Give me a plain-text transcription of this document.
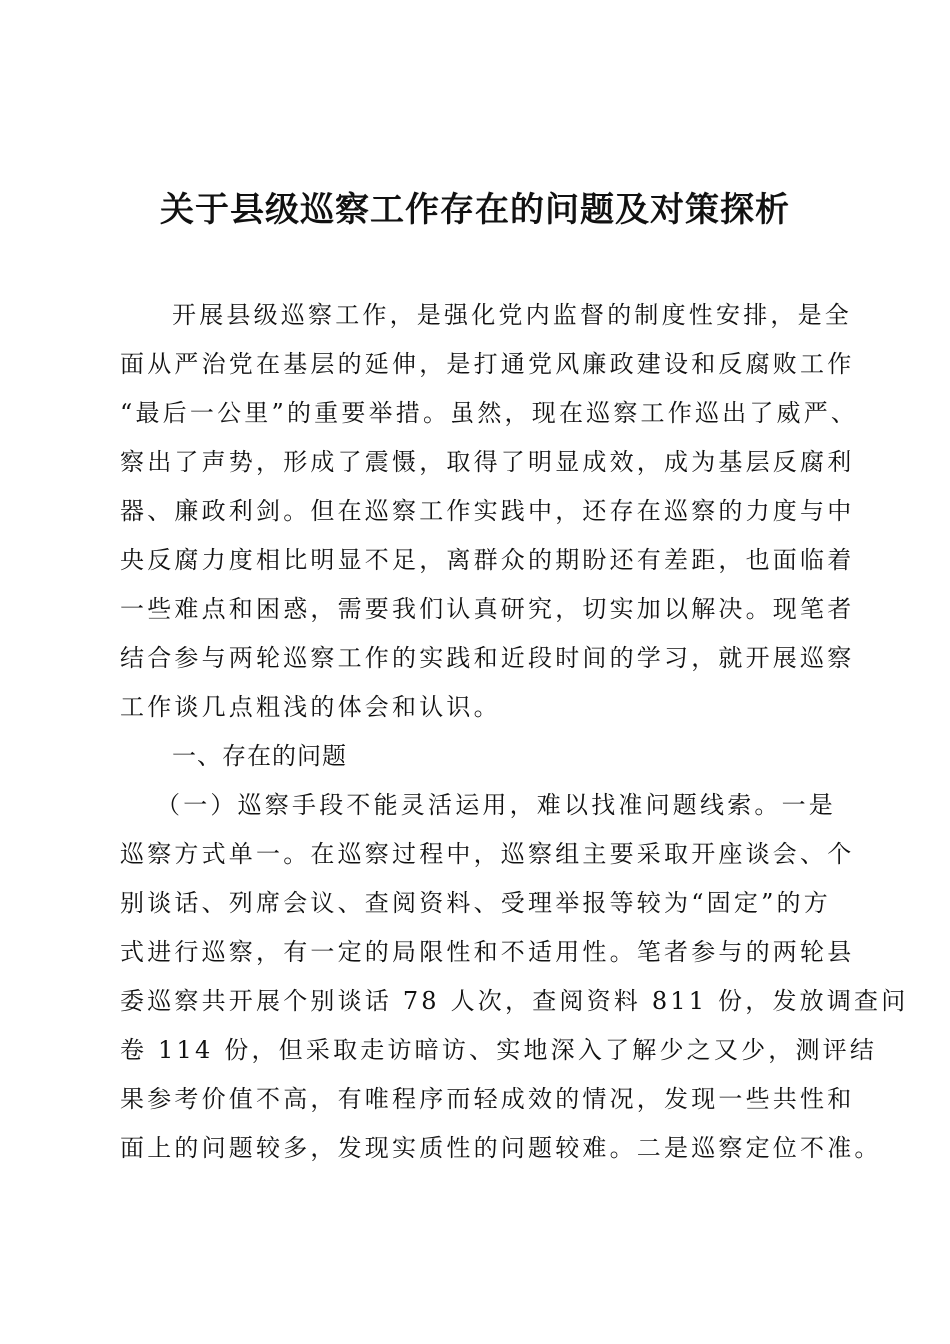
关于县级巡察工作存在的问题及对策探析

开展县级巡察工作，是强化党内监督的制度性安排，是全

面从严治党在基层的延伸，是打通党风廉政建设和反腐败工作

“最后一公里”的重要举措。虽然，现在巡察工作巡出了威严、

察出了声势，形成了震慑，取得了明显成效，成为基层反腐利

器、廉政利剑。但在巡察工作实践中，还存在巡察的力度与中

央反腐力度相比明显不足，离群众的期盼还有差距，也面临着

一些难点和困惑，需要我们认真研究，切实加以解决。现笔者

结合参与两轮巡察工作的实践和近段时间的学习，就开展巡察

工作谈几点粗浅的体会和认识。

一、存在的问题

（一）巡察手段不能灵活运用，难以找准问题线索。一是

巡察方式单一。在巡察过程中，巡察组主要采取开座谈会、个

别谈话、列席会议、查阅资料、受理举报等较为“固定”的方

式进行巡察，有一定的局限性和不适用性。笔者参与的两轮县

委巡察共开展个别谈话 78 人次，查阅资料 811 份，发放调查问

卷 114 份，但采取走访暗访、实地深入了解少之又少，测评结

果参考价值不高，有唯程序而轻成效的情况，发现一些共性和

面上的问题较多，发现实质性的问题较难。二是巡察定位不准。
